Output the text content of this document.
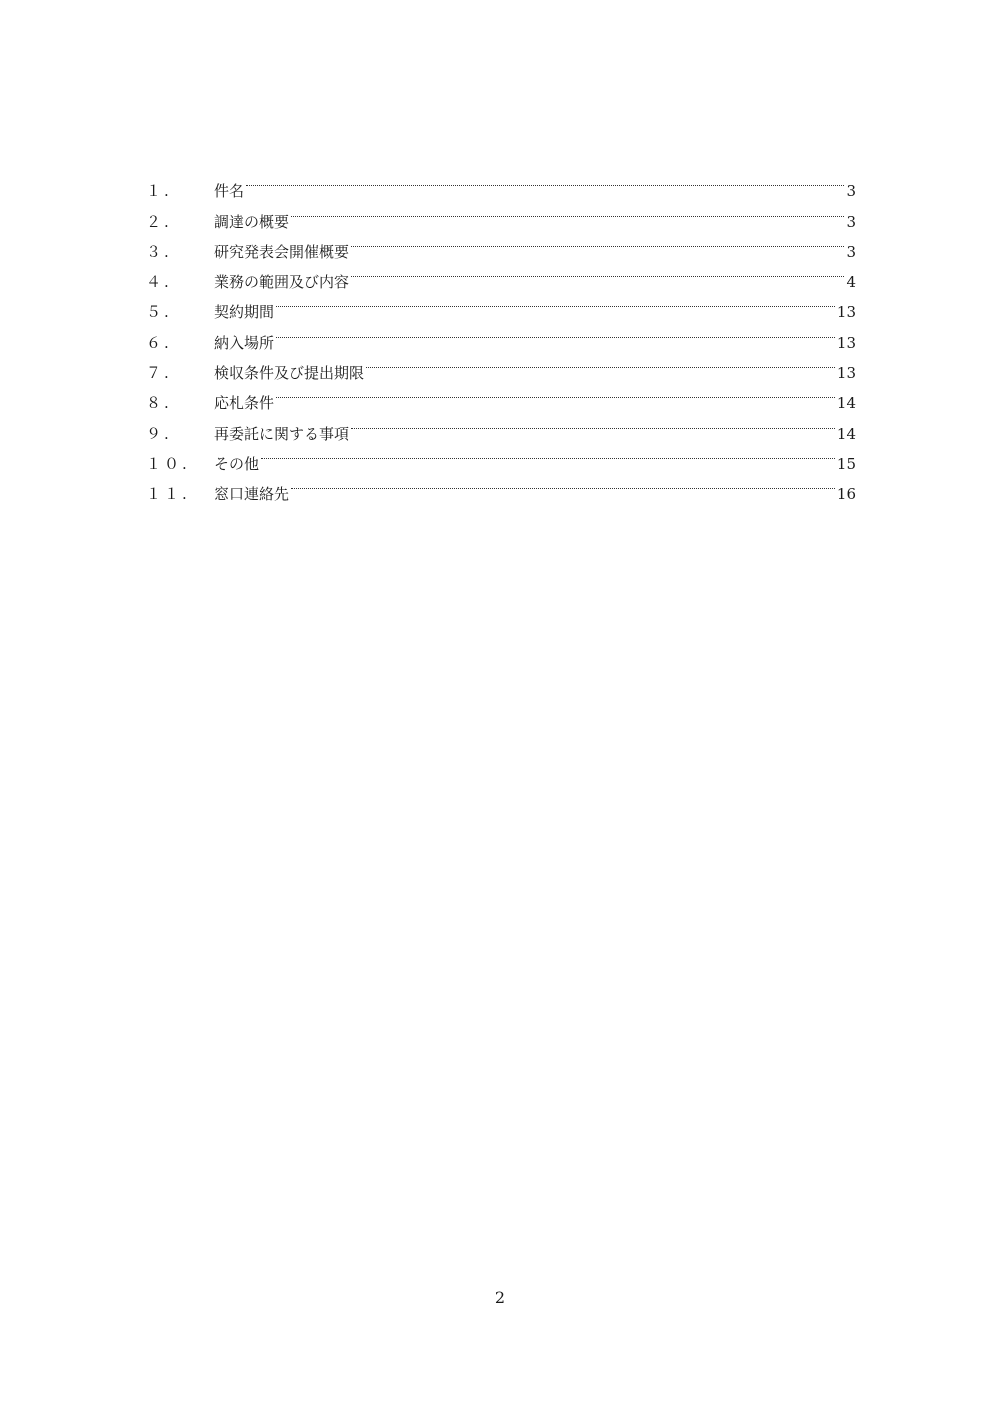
１.	件名	3
２.	調達の概要	3
３.	研究発表会開催概要	3
４.	業務の範囲及び内容	4
５.	契約期間	13
６.	納入場所	13
７.	検収条件及び提出期限	13
８.	応札条件	14
９.	再委託に関する事項	14
１０.	その他	15
１１.	窓口連絡先	16
2
